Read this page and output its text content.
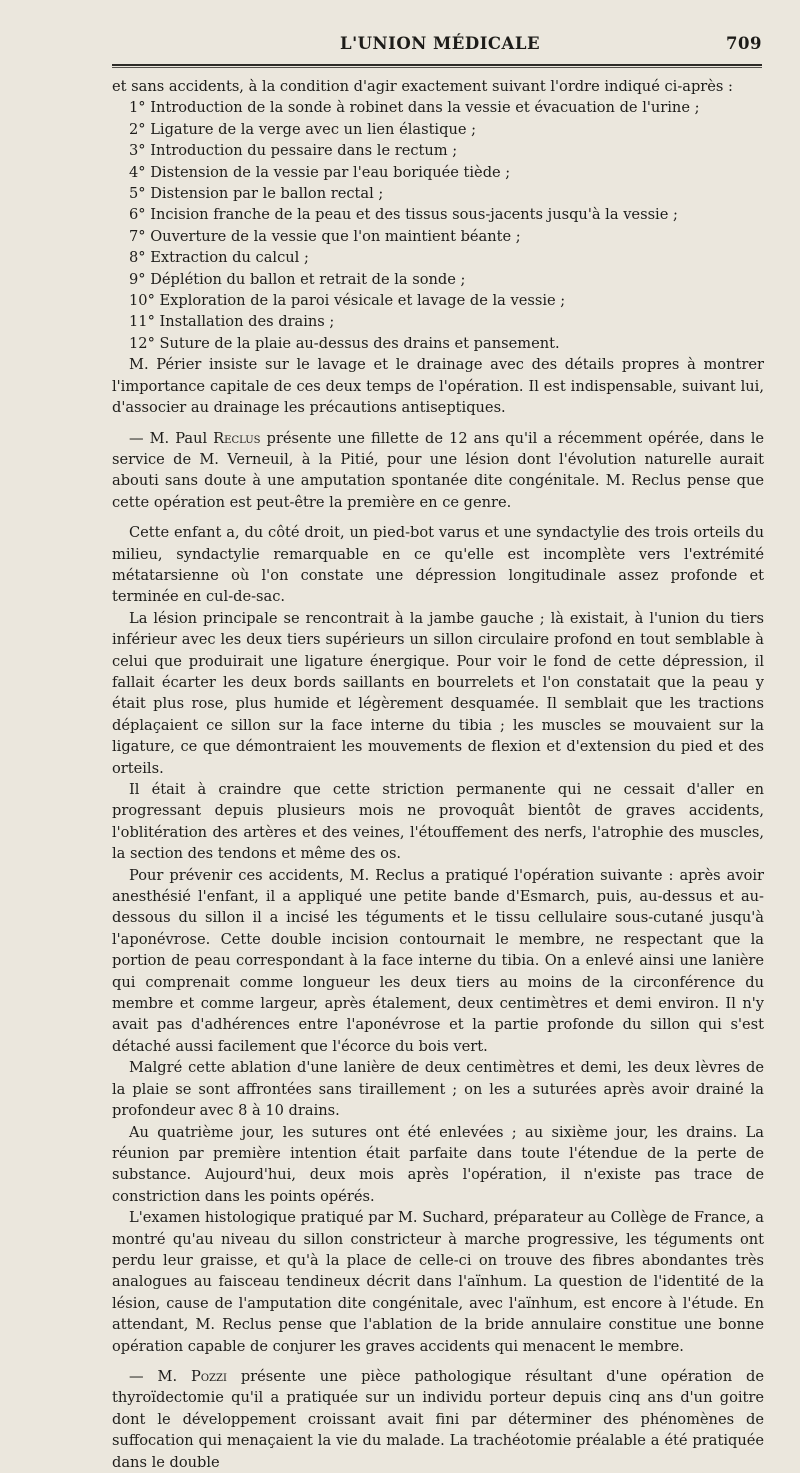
L'UNION MÉDICALE	709

et sans accidents, à la condition d'agir exactement suivant l'ordre indiqué ci-après :

1° Introduction de la sonde à robinet dans la vessie et évacuation de l'urine ;
2° Ligature de la verge avec un lien élastique ;
3° Introduction du pessaire dans le rectum ;
4° Distension de la vessie par l'eau boriquée tiède ;
5° Distension par le ballon rectal ;
6° Incision franche de la peau et des tissus sous-jacents jusqu'à la vessie ;
7° Ouverture de la vessie que l'on maintient béante ;
8° Extraction du calcul ;
9° Déplétion du ballon et retrait de la sonde ;
10° Exploration de la paroi vésicale et lavage de la vessie ;
11° Installation des drains ;
12° Suture de la plaie au-dessus des drains et pansement.

M. Périer insiste sur le lavage et le drainage avec des détails propres à montrer l'importance capitale de ces deux temps de l'opération. Il est indispensable, suivant lui, d'associer au drainage les précautions antiseptiques.

— M. Paul Reclus présente une fillette de 12 ans qu'il a récemment opérée, dans le service de M. Verneuil, à la Pitié, pour une lésion dont l'évolution naturelle aurait abouti sans doute à une amputation spontanée dite congénitale. M. Reclus pense que cette opération est peut-être la première en ce genre.

Cette enfant a, du côté droit, un pied-bot varus et une syndactylie des trois orteils du milieu, syndactylie remarquable en ce qu'elle est incomplète vers l'extrémité métatarsienne où l'on constate une dépression longitudinale assez profonde et terminée en cul-de-sac.

La lésion principale se rencontrait à la jambe gauche ; là existait, à l'union du tiers inférieur avec les deux tiers supérieurs un sillon circulaire profond en tout semblable à celui que produirait une ligature énergique. Pour voir le fond de cette dépression, il fallait écarter les deux bords saillants en bourrelets et l'on constatait que la peau y était plus rose, plus humide et légèrement desquamée. Il semblait que les tractions déplaçaient ce sillon sur la face interne du tibia ; les muscles se mouvaient sur la ligature, ce que démontraient les mouvements de flexion et d'extension du pied et des orteils.

Il était à craindre que cette striction permanente qui ne cessait d'aller en progressant depuis plusieurs mois ne provoquât bientôt de graves accidents, l'oblitération des artères et des veines, l'étouffement des nerfs, l'atrophie des muscles, la section des tendons et même des os.

Pour prévenir ces accidents, M. Reclus a pratiqué l'opération suivante : après avoir anesthésié l'enfant, il a appliqué une petite bande d'Esmarch, puis, au-dessus et au-dessous du sillon il a incisé les téguments et le tissu cellulaire sous-cutané jusqu'à l'aponévrose. Cette double incision contournait le membre, ne respectant que la portion de peau correspondant à la face interne du tibia. On a enlevé ainsi une lanière qui comprenait comme longueur les deux tiers au moins de la circonférence du membre et comme largeur, après étalement, deux centimètres et demi environ. Il n'y avait pas d'adhérences entre l'aponévrose et la partie profonde du sillon qui s'est détaché aussi facilement que l'écorce du bois vert.

Malgré cette ablation d'une lanière de deux centimètres et demi, les deux lèvres de la plaie se sont affrontées sans tiraillement ; on les a suturées après avoir drainé la profondeur avec 8 à 10 drains.

Au quatrième jour, les sutures ont été enlevées ; au sixième jour, les drains. La réunion par première intention était parfaite dans toute l'étendue de la perte de substance. Aujourd'hui, deux mois après l'opération, il n'existe pas trace de constriction dans les points opérés.

L'examen histologique pratiqué par M. Suchard, préparateur au Collège de France, a montré qu'au niveau du sillon constricteur à marche progressive, les téguments ont perdu leur graisse, et qu'à la place de celle-ci on trouve des fibres abondantes très analogues au faisceau tendineux décrit dans l'aïnhum. La question de l'identité de la lésion, cause de l'amputation dite congénitale, avec l'aïnhum, est encore à l'étude. En attendant, M. Reclus pense que l'ablation de la bride annulaire constitue une bonne opération capable de conjurer les graves accidents qui menacent le membre.

— M. Pozzi présente une pièce pathologique résultant d'une opération de thyroïdectomie qu'il a pratiquée sur un individu porteur depuis cinq ans d'un goitre dont le développement croissant avait fini par déterminer des phénomènes de suffocation qui menaçaient la vie du malade. La trachéotomie préalable a été pratiquée dans le double
